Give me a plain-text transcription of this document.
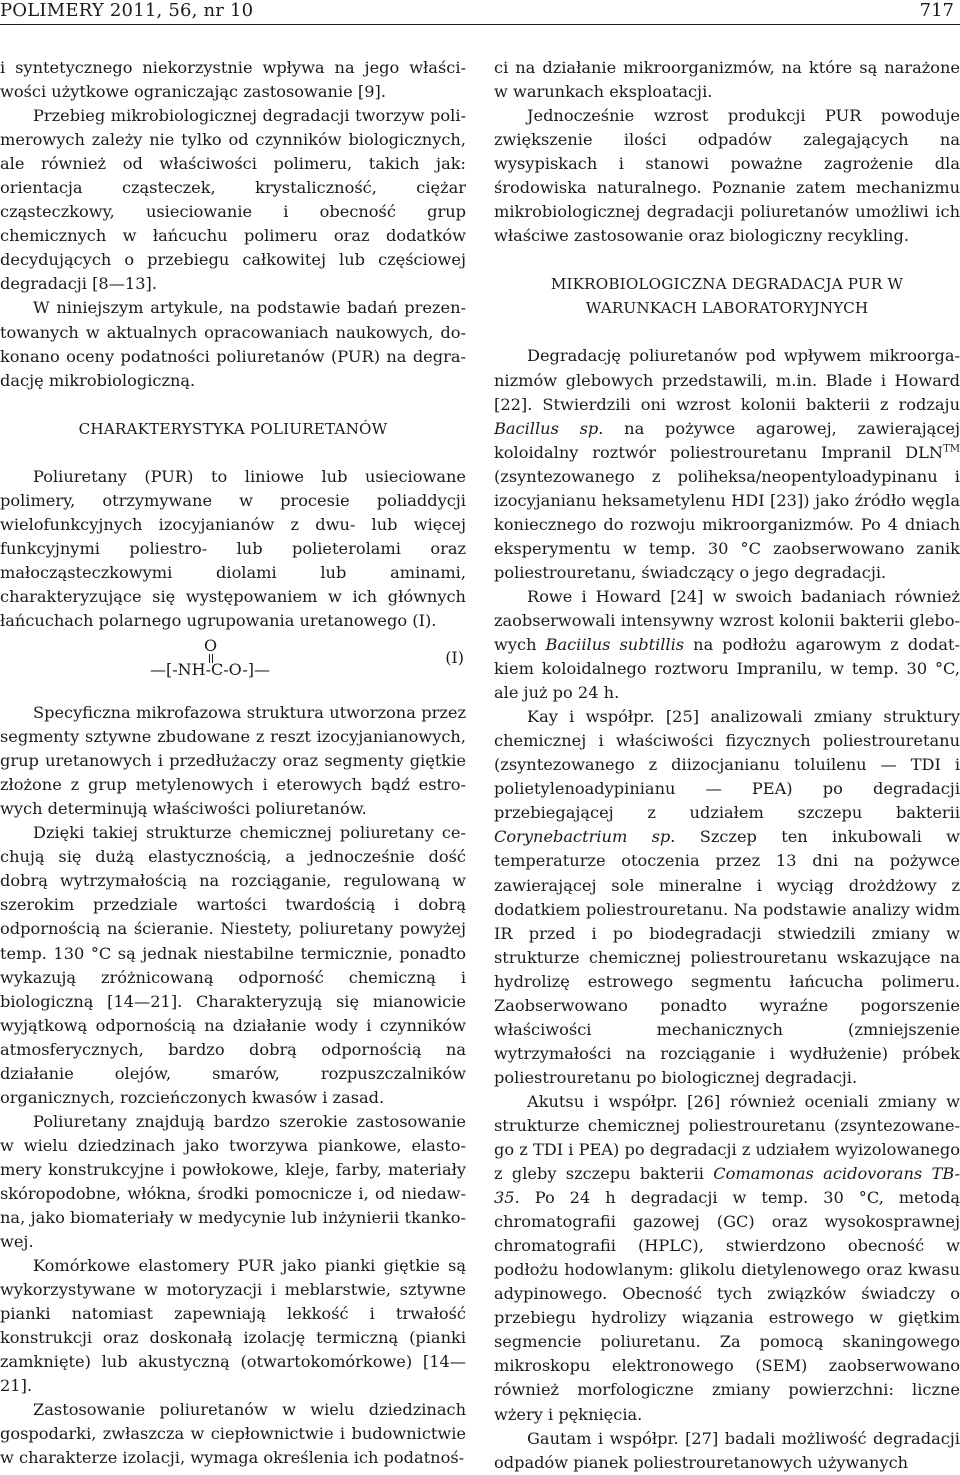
POLIMERY 2011, 56, nr 10	717

i syntetycznego niekorzystnie wpływa na jego właściwości użytkowe ograniczając zastosowanie [9].

Przebieg mikrobiologicznej degradacji tworzyw polimerowych zależy nie tylko od czynników biologicznych, ale również od właściwości polimeru, takich jak: orientacja cząsteczek, krystaliczność, ciężar cząsteczkowy, usieciowanie i obecność grup chemicznych w łańcuchu polimeru oraz dodatków decydujących o przebiegu całkowitej lub częściowej degradacji [8—13].

W niniejszym artykule, na podstawie badań prezentowanych w aktualnych opracowaniach naukowych, dokonano oceny podatności poliuretanów (PUR) na degradację mikrobiologiczną.

CHARAKTERYSTYKA POLIURETANÓW

Poliuretany (PUR) to liniowe lub usieciowane polimery, otrzymywane w procesie poliaddycji wielofunkcyjnych izocyjanianów z dwu- lub więcej funkcyjnymi poliestro- lub polieterolami oraz małocząsteczkowymi diolami lub aminami, charakteryzujące się występowaniem w ich głównych łańcuchach polarnego ugrupowania uretanowego (I).

O
—[-NH-C-O-]—
(I)

Specyficzna mikrofazowa struktura utworzona przez segmenty sztywne zbudowane z reszt izocyjanianowych, grup uretanowych i przedłużaczy oraz segmenty giętkie złożone z grup metylenowych i eterowych bądź estrowych determinują właściwości poliuretanów.

Dzięki takiej strukturze chemicznej poliuretany cechują się dużą elastycznością, a jednocześnie dość dobrą wytrzymałością na rozciąganie, regulowaną w szerokim przedziale wartości twardością i dobrą odpornością na ścieranie. Niestety, poliuretany powyżej temp. 130 °C są jednak niestabilne termicznie, ponadto wykazują zróżnicowaną odporność chemiczną i biologiczną [14—21]. Charakteryzują się mianowicie wyjątkową odpornością na działanie wody i czynników atmosferycznych, bardzo dobrą odpornością na działanie olejów, smarów, rozpuszczalników organicznych, rozcieńczonych kwasów i zasad.

Poliuretany znajdują bardzo szerokie zastosowanie w wielu dziedzinach jako tworzywa piankowe, elastomery konstrukcyjne i powłokowe, kleje, farby, materiały skóropodobne, włókna, środki pomocnicze i, od niedawna, jako biomateriały w medycynie lub inżynierii tkankowej.

Komórkowe elastomery PUR jako pianki giętkie są wykorzystywane w motoryzacji i meblarstwie, sztywne pianki natomiast zapewniają lekkość i trwałość konstrukcji oraz doskonałą izolację termiczną (pianki zamknięte) lub akustyczną (otwartokomórkowe) [14—21].

Zastosowanie poliuretanów w wielu dziedzinach gospodarki, zwłaszcza w ciepłownictwie i budownictwie w charakterze izolacji, wymaga określenia ich podatnoś-

ci na działanie mikroorganizmów, na które są narażone w warunkach eksploatacji.

Jednocześnie wzrost produkcji PUR powoduje zwiększenie ilości odpadów zalegających na wysypiskach i stanowi poważne zagrożenie dla środowiska naturalnego. Poznanie zatem mechanizmu mikrobiologicznej degradacji poliuretanów umożliwi ich właściwe zastosowanie oraz biologiczny recykling.

MIKROBIOLOGICZNA DEGRADACJA PUR W

WARUNKACH LABORATORYJNYCH

Degradację poliuretanów pod wpływem mikroorganizmów glebowych przedstawili, m.in. Blade i Howard [22]. Stwierdzili oni wzrost kolonii bakterii z rodzaju Bacillus sp. na pożywce agarowej, zawierającej koloidalny roztwór poliestrouretanu Impranil DLN™ (zsyntezowanego z poliheksa/neopentyloadypinanu i izocyjanianu heksametylenu HDI [23]) jako źródło węgla koniecznego do rozwoju mikroorganizmów. Po 4 dniach eksperymentu w temp. 30 °C zaobserwowano zanik poliestrouretanu, świadczący o jego degradacji.

Rowe i Howard [24] w swoich badaniach również zaobserwowali intensywny wzrost kolonii bakterii glebowych Baciilus subtillis na podłożu agarowym z dodatkiem koloidalnego roztworu Impranilu, w temp. 30 °C, ale już po 24 h.

Kay i współpr. [25] analizowali zmiany struktury chemicznej i właściwości fizycznych poliestrouretanu (zsyntezowanego z diizocjanianu toluilenu — TDI i polietylenoadypinianu — PEA) po degradacji przebiegającej z udziałem szczepu bakterii Corynebactrium sp. Szczep ten inkubowali w temperaturze otoczenia przez 13 dni na pożywce zawierającej sole mineralne i wyciąg drożdżowy z dodatkiem poliestrouretanu. Na podstawie analizy widm IR przed i po biodegradacji stwiedzili zmiany w strukturze chemicznej poliestrouretanu wskazujące na hydrolizę estrowego segmentu łańcucha polimeru. Zaobserwowano ponadto wyraźne pogorszenie właściwości mechanicznych (zmniejszenie wytrzymałości na rozciąganie i wydłużenie) próbek poliestrouretanu po biologicznej degradacji.

Akutsu i współpr. [26] również oceniali zmiany w strukturze chemicznej poliestrouretanu (zsyntezowanego z TDI i PEA) po degradacji z udziałem wyizolowanego z gleby szczepu bakterii Comamonas acidovorans TB-35. Po 24 h degradacji w temp. 30 °C, metodą chromatografii gazowej (GC) oraz wysokosprawnej chromatografii (HPLC), stwierdzono obecność w podłożu hodowlanym: glikolu dietylenowego oraz kwasu adypinowego. Obecność tych związków świadczy o przebiegu hydrolizy wiązania estrowego w giętkim segmencie poliuretanu. Za pomocą skaningowego mikroskopu elektronowego (SEM) zaobserwowano również morfologiczne zmiany powierzchni: liczne wżery i pęknięcia.

Gautam i współpr. [27] badali możliwość degradacji odpadów pianek poliestrouretanowych używanych
